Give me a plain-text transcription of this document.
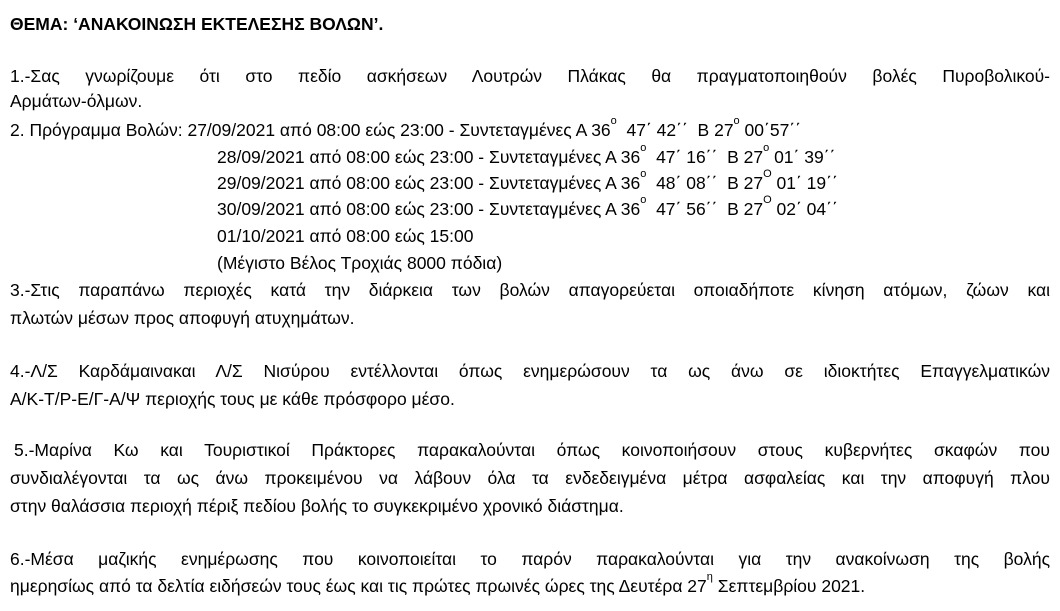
ΘΕΜΑ: ‘ΑΝΑΚΟΙΝΩΣΗ ΕΚΤΕΛΕΣΗΣ ΒΟΛΩΝ’.
1.-Σας γνωρίζουμε ότι στο πεδίο ασκήσεων Λουτρών Πλάκας θα πραγματοποιηθούν βολές Πυροβολικού-
Αρμάτων-όλμων.
2. Πρόγραμμα Βολών: 27/09/2021 από 08:00 εώς 23:00 - Συντεταγμένες Α $36^o$ 47΄ 42΄΄ Β $27^o$ 00΄57΄΄
28/09/2021 από 08:00 εώς 23:00 - Συντεταγμένες Α $36^o$ 47΄ 16΄΄ Β $27^o$ 01΄ 39΄΄
29/09/2021 από 08:00 εώς 23:00 - Συντεταγμένες Α $36^o$ 48΄ 08΄΄ Β $27^O$ 01΄ 19΄΄
30/09/2021 από 08:00 εώς 23:00 - Συντεταγμένες Α $36^o$ 47΄ 56΄΄ Β $27^O$ 02΄ 04΄΄
01/10/2021 από 08:00 εώς 15:00
(Μέγιστο Βέλος Τροχιάς 8000 πόδια)
3.-Στις παραπάνω περιοχές κατά την διάρκεια των βολών απαγορεύεται οποιαδήποτε κίνηση ατόμων, ζώων και
πλωτών μέσων προς αποφυγή ατυχημάτων.
4.-Λ/Σ Καρδάμαινακαι Λ/Σ Νισύρου εντέλλονται όπως ενημερώσουν τα ως άνω σε ιδιοκτήτες Επαγγελματικών
Α/Κ-Τ/Ρ-Ε/Γ-Α/Ψ περιοχής τους με κάθε πρόσφορο μέσο.
5.-Μαρίνα Κω και Τουριστικοί Πράκτορες παρακαλούνται όπως κοινοποιήσουν στους κυβερνήτες σκαφών που
συνδιαλέγονται τα ως άνω προκειμένου να λάβουν όλα τα ενδεδειγμένα μέτρα ασφαλείας και την αποφυγή πλου
στην θαλάσσια περιοχή πέριξ πεδίου βολής το συγκεκριμένο χρονικό διάστημα.
6.-Μέσα μαζικής ενημέρωσης που κοινοποιείται το παρόν παρακαλούνται για την ανακοίνωση της βολής
ημερησίως από τα δελτία ειδήσεών τους έως και τις πρώτες πρωινές ώρες της Δευτέρα $27^\eta$ Σεπτεμβρίου 2021.
